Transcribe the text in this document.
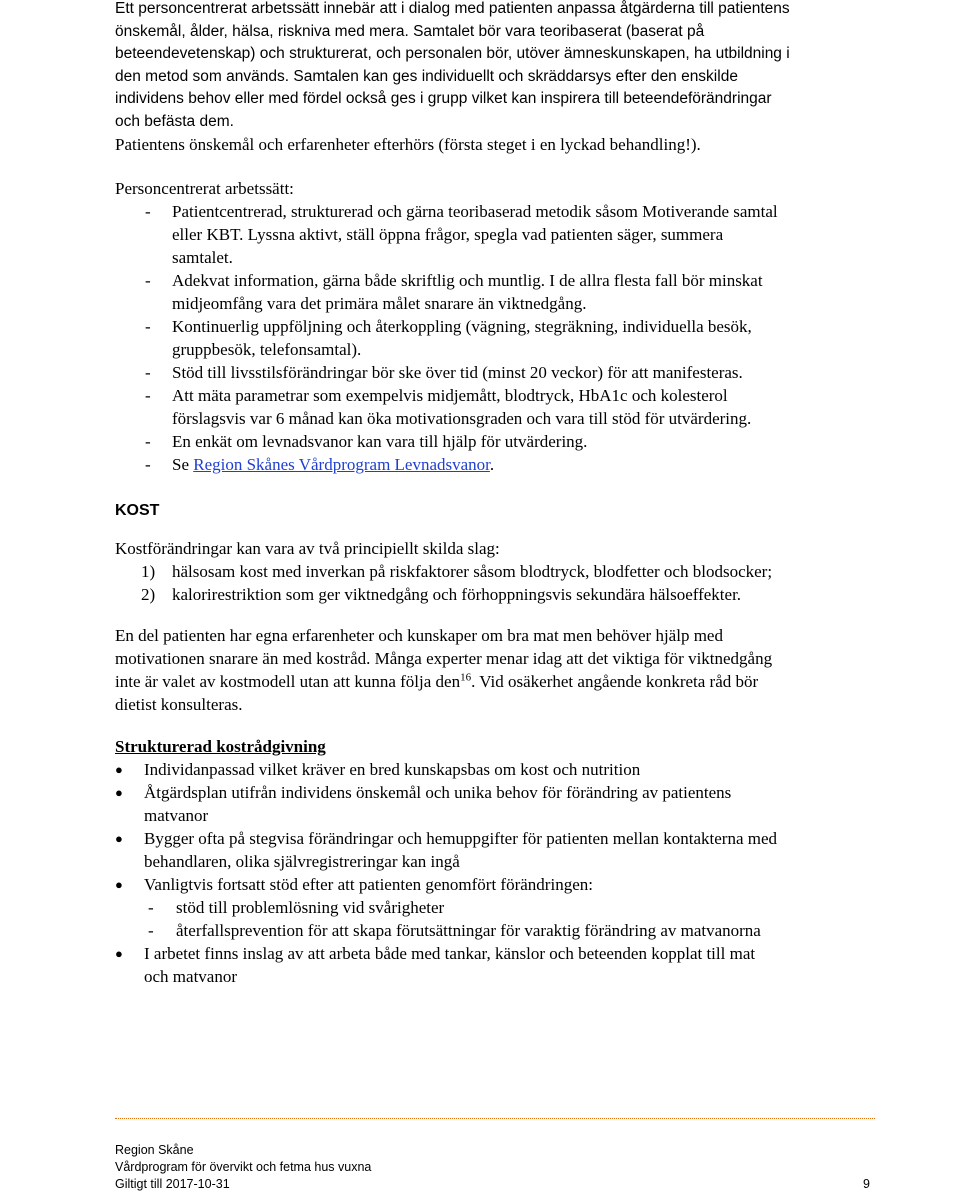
Ett personcentrerat arbetssätt innebär att i dialog med patienten anpassa åtgärderna till patientens

önskemål, ålder, hälsa, riskniva med mera. Samtalet bör vara teoribaserat (baserat på

beteendevetenskap) och strukturerat, och personalen bör, utöver ämneskunskapen, ha utbildning i

den metod som används. Samtalen kan ges individuellt och skräddarsys efter den enskilde

individens behov eller med fördel också ges i grupp vilket kan inspirera till beteendeförändringar

och befästa dem.

Patientens önskemål och erfarenheter efterhörs (första steget i en lyckad behandling!).

Personcentrerat arbetssätt:

-	Patientcentrerad, strukturerad och gärna teoribaserad metodik såsom Motiverande samtal

eller KBT. Lyssna aktivt, ställ öppna frågor, spegla vad patienten säger, summera

samtalet.

-	Adekvat information, gärna både skriftlig och muntlig. I de allra flesta fall bör minskat

midjeomfång vara det primära målet snarare än viktnedgång.

-	Kontinuerlig uppföljning och återkoppling (vägning, stegräkning, individuella besök,

gruppbesök, telefonsamtal).

-	Stöd till livsstilsförändringar bör ske över tid (minst 20 veckor) för att manifesteras.

-	Att mäta parametrar som exempelvis midjemått, blodtryck, HbA1c och kolesterol

förslagsvis var 6 månad kan öka motivationsgraden och vara till stöd för utvärdering.

-	En enkät om levnadsvanor kan vara till hjälp för utvärdering.

-	Se Region Skånes Vårdprogram Levnadsvanor.

KOST

Kostförändringar kan vara av två principiellt skilda slag:

1) hälsosam kost med inverkan på riskfaktorer såsom blodtryck, blodfetter och blodsocker;
2) kalorirestriktion som ger viktnedgång och förhoppningsvis sekundära hälsoeffekter.

En del patienten har egna erfarenheter och kunskaper om bra mat men behöver hjälp med

motivationen snarare än med kostråd. Många experter menar idag att det viktiga för viktnedgång

inte är valet av kostmodell utan att kunna följa den$^{16}$. Vid osäkerhet angående konkreta råd bör

dietist konsulteras.

Strukturerad kostrådgivning

●	Individanpassad vilket kräver en bred kunskapsbas om kost och nutrition

●	Åtgärdsplan utifrån individens önskemål och unika behov för förändring av patientens

matvanor

●	Bygger ofta på stegvisa förändringar och hemuppgifter för patienten mellan kontakterna med

behandlaren, olika självregistreringar kan ingå

●	Vanligtvis fortsatt stöd efter att patienten genomfört förändringen:

-	stöd till problemlösning vid svårigheter
-	återfallsprevention för att skapa förutsättningar för varaktig förändring av matvanorna
●	I arbetet finns inslag av att arbeta både med tankar, känslor och beteenden kopplat till mat

och matvanor

Region Skåne
Vårdprogram för övervikt och fetma hus vuxna
Giltigt till 2017-10-31	9
